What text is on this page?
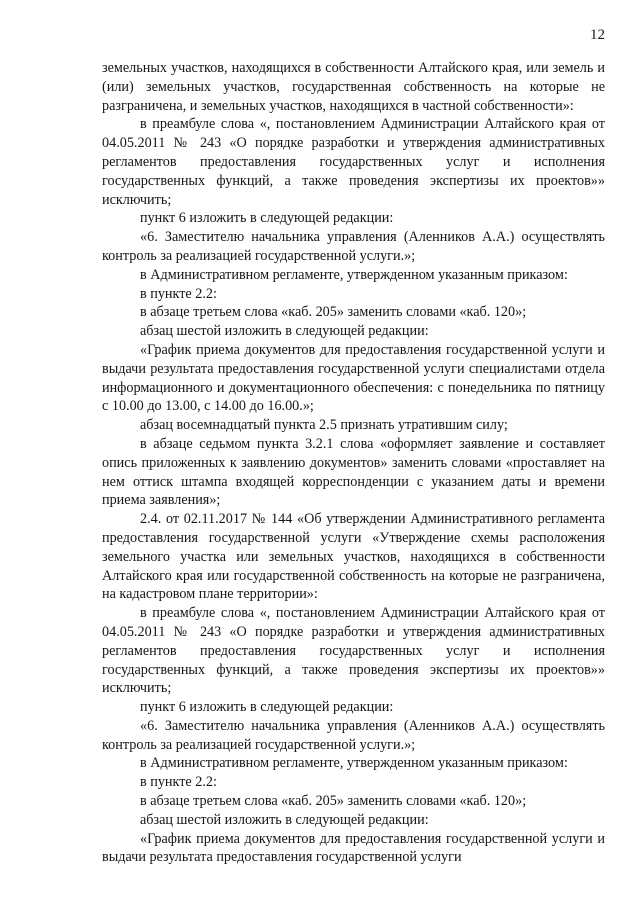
12

земельных участков, находящихся в собственности Алтайского края, или земель и (или) земельных участков, государственная собственность на которые не разграничена, и земельных участков, находящихся в частной собственности»:

в преамбуле слова «, постановлением Администрации Алтайского края от 04.05.2011 № 243 «О порядке разработки и утверждения административных регламентов предоставления государственных услуг и исполнения государственных функций, а также проведения экспертизы их проектов»» исключить;

пункт 6 изложить в следующей редакции:

«6. Заместителю начальника управления (Аленников А.А.) осуществлять контроль за реализацией государственной услуги.»;

в Административном регламенте, утвержденном указанным приказом:

в пункте 2.2:

в абзаце третьем слова «каб. 205» заменить словами «каб. 120»;

абзац шестой изложить в следующей редакции:

«График приема документов для предоставления государственной услуги и выдачи результата предоставления государственной услуги специалистами отдела информационного и документационного обеспечения: с понедельника по пятницу с 10.00 до 13.00, с 14.00 до 16.00.»;

абзац восемнадцатый пункта 2.5 признать утратившим силу;

в абзаце седьмом пункта 3.2.1 слова «оформляет заявление и составляет опись приложенных к заявлению документов» заменить словами «проставляет на нем оттиск штампа входящей корреспонденции с указанием даты и времени приема заявления»;

2.4. от 02.11.2017 № 144 «Об утверждении Административного регламента предоставления государственной услуги «Утверждение схемы расположения земельного участка или земельных участков, находящихся в собственности Алтайского края или государственной собственность на которые не разграничена, на кадастровом плане территории»:

в преамбуле слова «, постановлением Администрации Алтайского края от 04.05.2011 № 243 «О порядке разработки и утверждения административных регламентов предоставления государственных услуг и исполнения государственных функций, а также проведения экспертизы их проектов»» исключить;

пункт 6 изложить в следующей редакции:

«6. Заместителю начальника управления (Аленников А.А.) осуществлять контроль за реализацией государственной услуги.»;

в Административном регламенте, утвержденном указанным приказом:

в пункте 2.2:

в абзаце третьем слова «каб. 205» заменить словами «каб. 120»;

абзац шестой изложить в следующей редакции:

«График приема документов для предоставления государственной услуги и выдачи результата предоставления государственной услуги
